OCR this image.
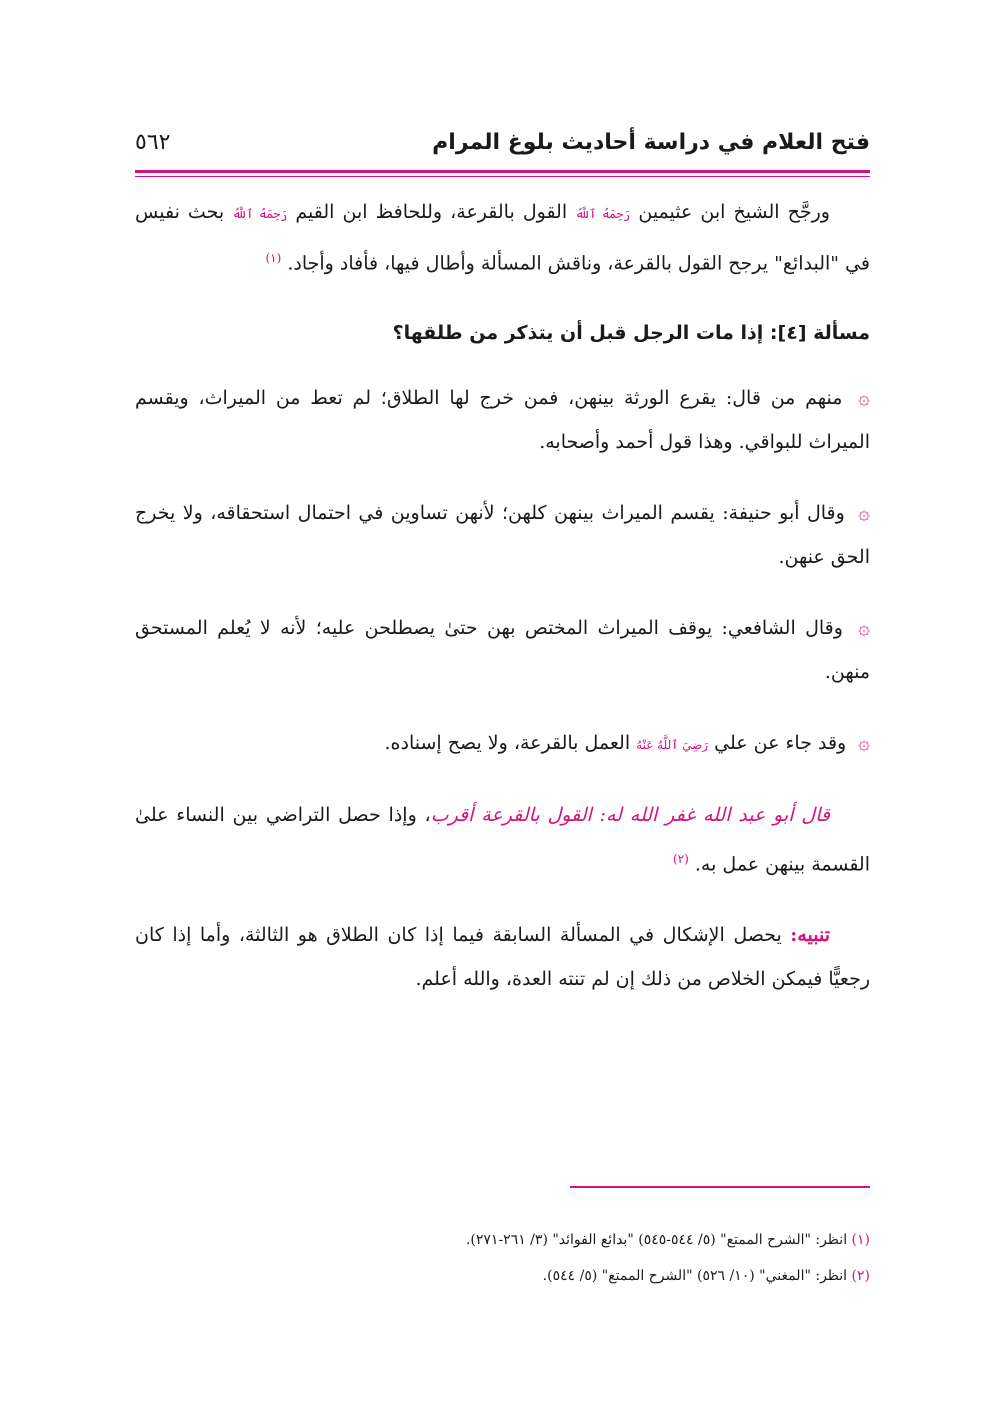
فتح العلام في دراسة أحاديث بلوغ المرام
٥٦٢

ورجَّح الشيخ ابن عثيمين رَحِمَهُ ٱللَّهُ القول بالقرعة، وللحافظ ابن القيم رَحِمَهُ ٱللَّهُ بحث نفيس في "البدائع" يرجح القول بالقرعة، وناقش المسألة وأطال فيها، فأفاد وأجاد. $^{(١)}$

مسألة [٤]: إذا مات الرجل قبل أن يتذكر من طلقها؟

۞ منهم من قال: يقرع الورثة بينهن، فمن خرج لها الطلاق؛ لم تعط من الميراث، ويقسم الميراث للبواقي. وهذا قول أحمد وأصحابه.

۞ وقال أبو حنيفة: يقسم الميراث بينهن كلهن؛ لأنهن تساوين في احتمال استحقاقه، ولا يخرج الحق عنهن.

۞ وقال الشافعي: يوقف الميراث المختص بهن حتىٰ يصطلحن عليه؛ لأنه لا يُعلم المستحق منهن.

۞ وقد جاء عن علي رَضِيَ ٱللَّهُ عَنْهُ العمل بالقرعة، ولا يصح إسناده.

قال أبو عبد الله غفر الله له: القول بالقرعة أقرب، وإذا حصل التراضي بين النساء علىٰ القسمة بينهن عمل به. $^{(٢)}$

تنبيه: يحصل الإشكال في المسألة السابقة فيما إذا كان الطلاق هو الثالثة، وأما إذا كان رجعيًّا فيمكن الخلاص من ذلك إن لم تنته العدة، والله أعلم.

(١) انظر: "الشرح الممتع" (٥/ ٥٤٤-٥٤٥) "بدائع الفوائد" (٣/ ٢٦١-٢٧١).
(٢) انظر: "المغني" (١٠/ ٥٢٦) "الشرح الممتع" (٥/ ٥٤٤).
